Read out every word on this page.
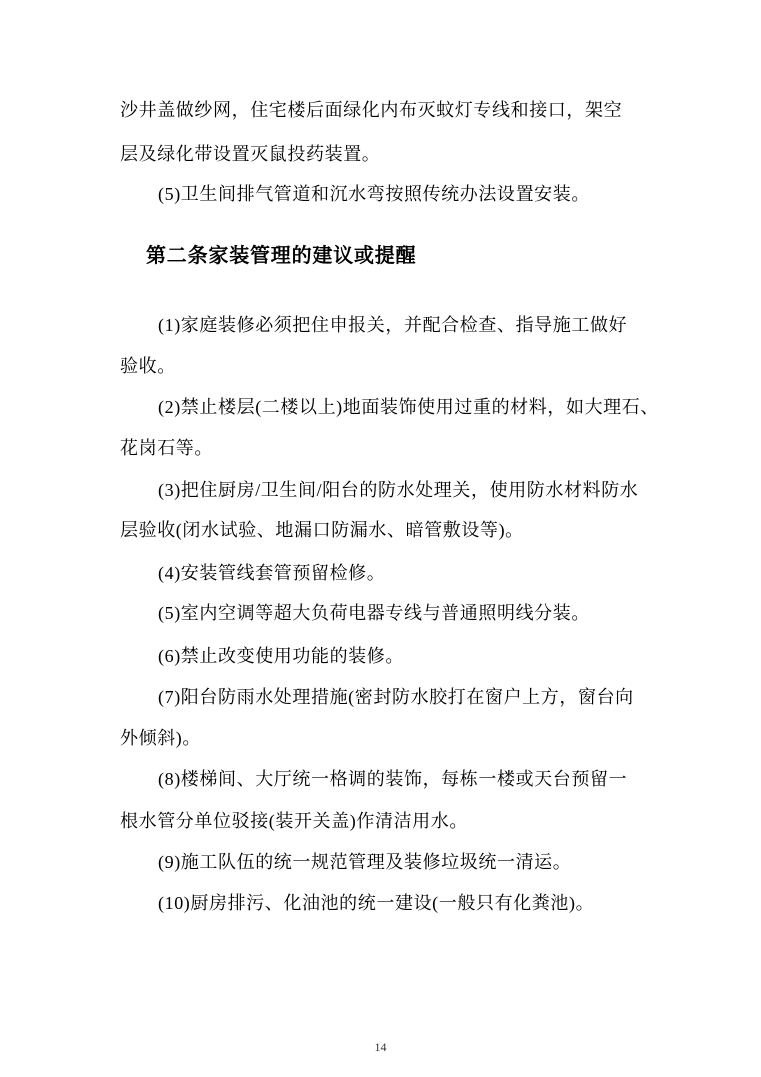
沙井盖做纱网，住宅楼后面绿化内布灭蚊灯专线和接口，架空
层及绿化带设置灭鼠投药装置。
(5)卫生间排气管道和沉水弯按照传统办法设置安装。
第二条家装管理的建议或提醒
(1)家庭装修必须把住申报关，并配合检查、指导施工做好
验收。
(2)禁止楼层(二楼以上)地面装饰使用过重的材料，如大理石、
花岗石等。
(3)把住厨房/卫生间/阳台的防水处理关，使用防水材料防水
层验收(闭水试验、地漏口防漏水、暗管敷设等)。
(4)安装管线套管预留检修。
(5)室内空调等超大负荷电器专线与普通照明线分装。
(6)禁止改变使用功能的装修。
(7)阳台防雨水处理措施(密封防水胶打在窗户上方，窗台向
外倾斜)。
(8)楼梯间、大厅统一格调的装饰，每栋一楼或天台预留一
根水管分单位驳接(装开关盖)作清洁用水。
(9)施工队伍的统一规范管理及装修垃圾统一清运。
(10)厨房排污、化油池的统一建设(一般只有化粪池)。
14
